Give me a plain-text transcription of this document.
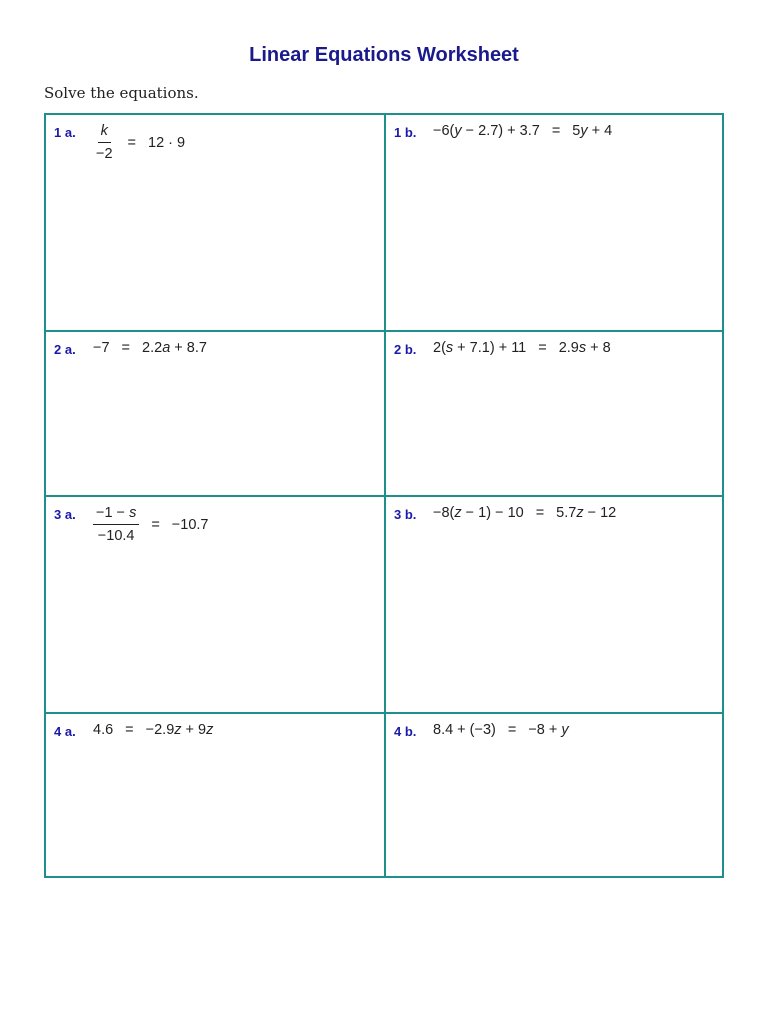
Linear Equations Worksheet
Solve the equations.
1 a. $\frac{k}{-2} = 12 \cdot 9$
1 b. −6(y − 2.7) + 3.7 = 5y + 4
2 a. −7 = 2.2a + 8.7	2 b. 2(s + 7.1) + 11 = 2.9s + 8
3 a. $\frac{-1 - s}{-10.4} = -10.7$
3 b. −8(z − 1) − 10 = 5.7z − 12
4 a. 4.6 = −2.9z + 9z	4 b. 8.4 + (−3) = −8 + y
